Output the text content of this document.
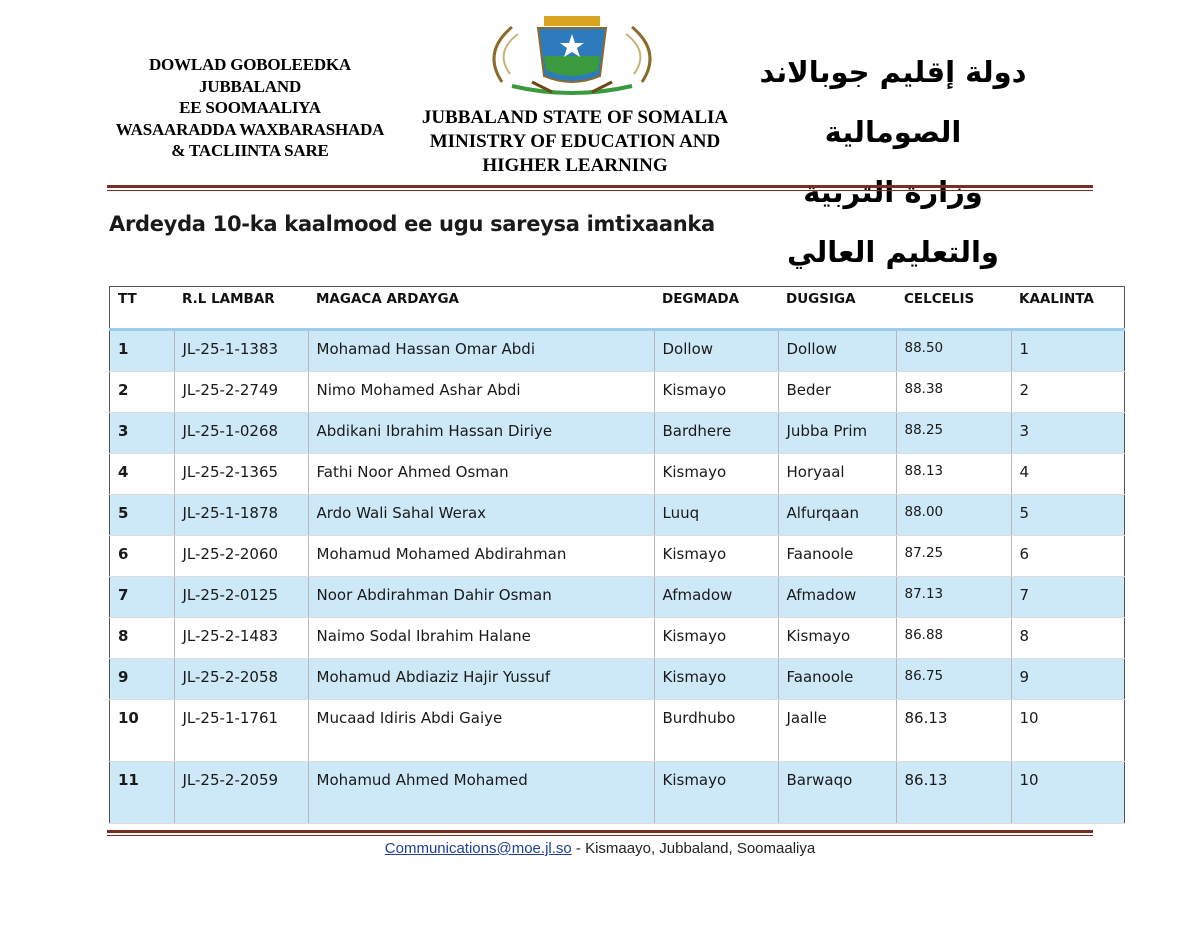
DOWLAD GOBOLEEDKA
JUBBALAND
EE SOOMAALIYA
WASAARADDA WAXBARASHADA
& TACLIINTA SARE
JUBBALAND STATE OF SOMALIA
MINISTRY OF EDUCATION AND
HIGHER LEARNING
دولة إقليم جوبالاند الصومالية
وزارة التربية والتعليم العالي
Ardeyda 10-ka kaalmood ee ugu sareysa imtixaanka
TT	R.L LAMBAR	MAGACA ARDAYGA	DEGMADA	DUGSIGA	CELCELIS	KAALINTA
1	JL-25-1-1383	Mohamad Hassan Omar Abdi	Dollow	Dollow	88.50	1
2	JL-25-2-2749	Nimo Mohamed Ashar Abdi	Kismayo	Beder	88.38	2
3	JL-25-1-0268	Abdikani Ibrahim Hassan Diriye	Bardhere	Jubba Prim	88.25	3
4	JL-25-2-1365	Fathi Noor Ahmed Osman	Kismayo	Horyaal	88.13	4
5	JL-25-1-1878	Ardo Wali Sahal Werax	Luuq	Alfurqaan	88.00	5
6	JL-25-2-2060	Mohamud Mohamed Abdirahman	Kismayo	Faanoole	87.25	6
7	JL-25-2-0125	Noor Abdirahman Dahir Osman	Afmadow	Afmadow	87.13	7
8	JL-25-2-1483	Naimo Sodal Ibrahim Halane	Kismayo	Kismayo	86.88	8
9	JL-25-2-2058	Mohamud Abdiaziz Hajir Yussuf	Kismayo	Faanoole	86.75	9
10	JL-25-1-1761	Mucaad Idiris Abdi Gaiye	Burdhubo	Jaalle	86.13	10
11	JL-25-2-2059	Mohamud Ahmed Mohamed	Kismayo	Barwaqo	86.13	10
Communications@moe.jl.so - Kismaayo, Jubbaland, Soomaaliya
